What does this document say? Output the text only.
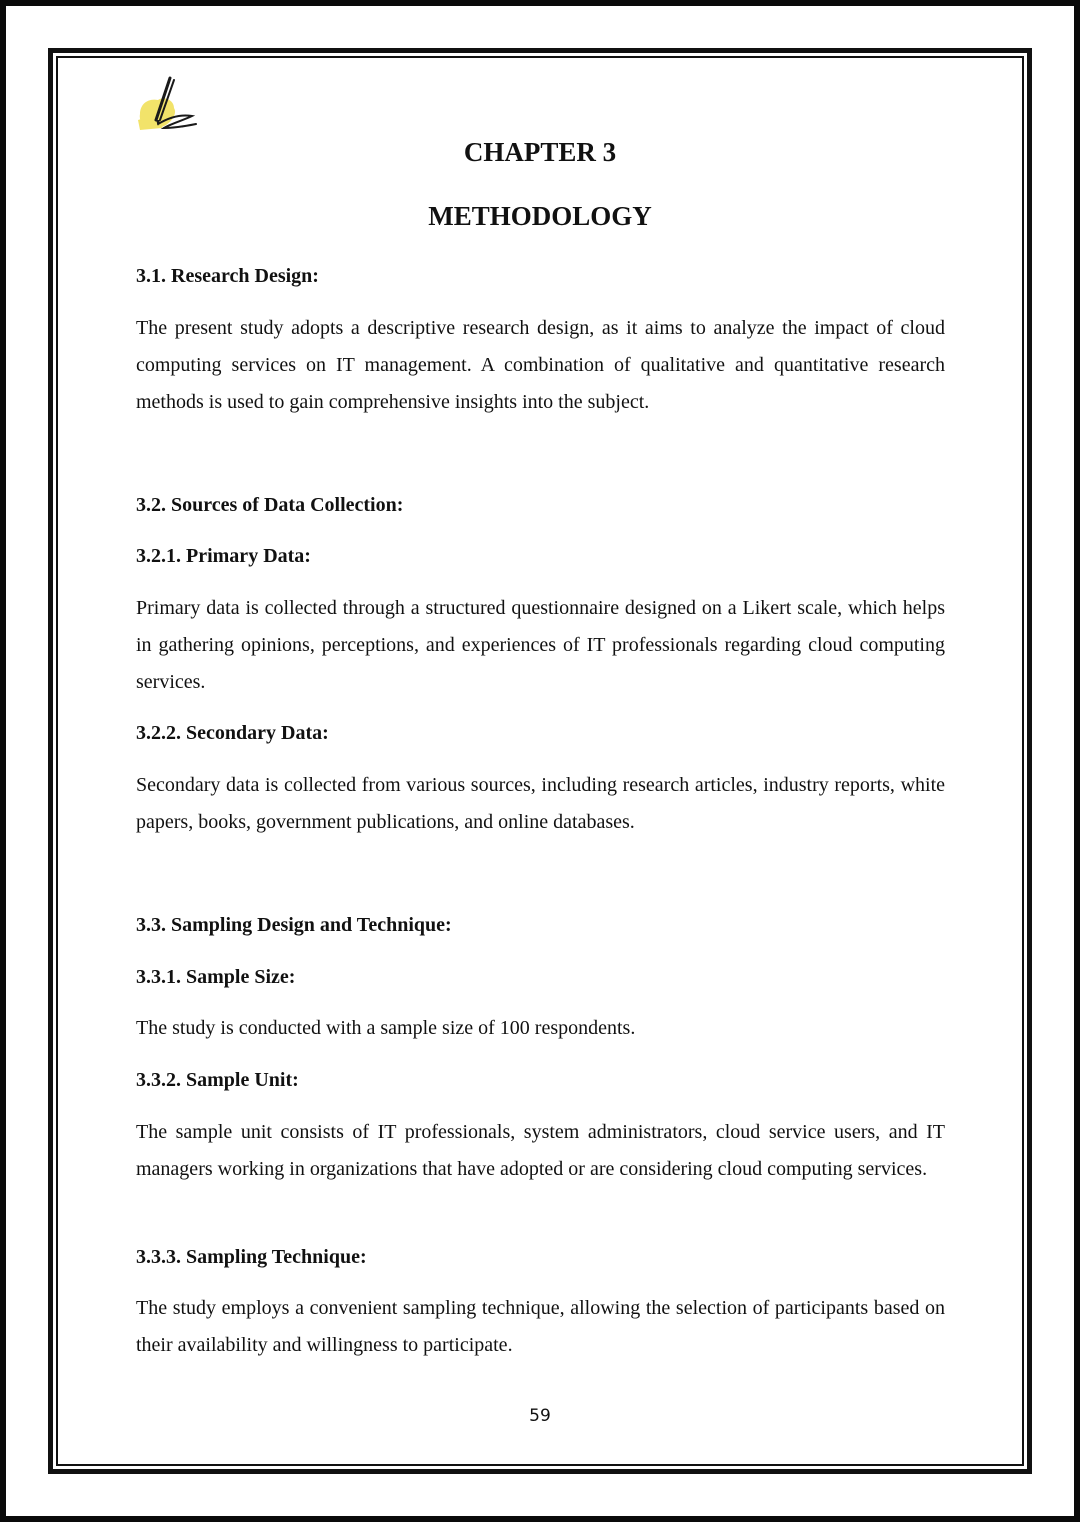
CHAPTER 3
METHODOLOGY
3.1. Research Design:

The present study adopts a descriptive research design, as it aims to analyze the impact of cloud computing services on IT management. A combination of qualitative and quantitative research methods is used to gain comprehensive insights into the subject.

3.2. Sources of Data Collection:
3.2.1. Primary Data:

Primary data is collected through a structured questionnaire designed on a Likert scale, which helps in gathering opinions, perceptions, and experiences of IT professionals regarding cloud computing services.

3.2.2. Secondary Data:

Secondary data is collected from various sources, including research articles, industry reports, white papers, books, government publications, and online databases.

3.3. Sampling Design and Technique:
3.3.1. Sample Size:

The study is conducted with a sample size of 100 respondents.

3.3.2. Sample Unit:

The sample unit consists of IT professionals, system administrators, cloud service users, and IT managers working in organizations that have adopted or are considering cloud computing services.

3.3.3. Sampling Technique:

The study employs a convenient sampling technique, allowing the selection of participants based on their availability and willingness to participate.

59
